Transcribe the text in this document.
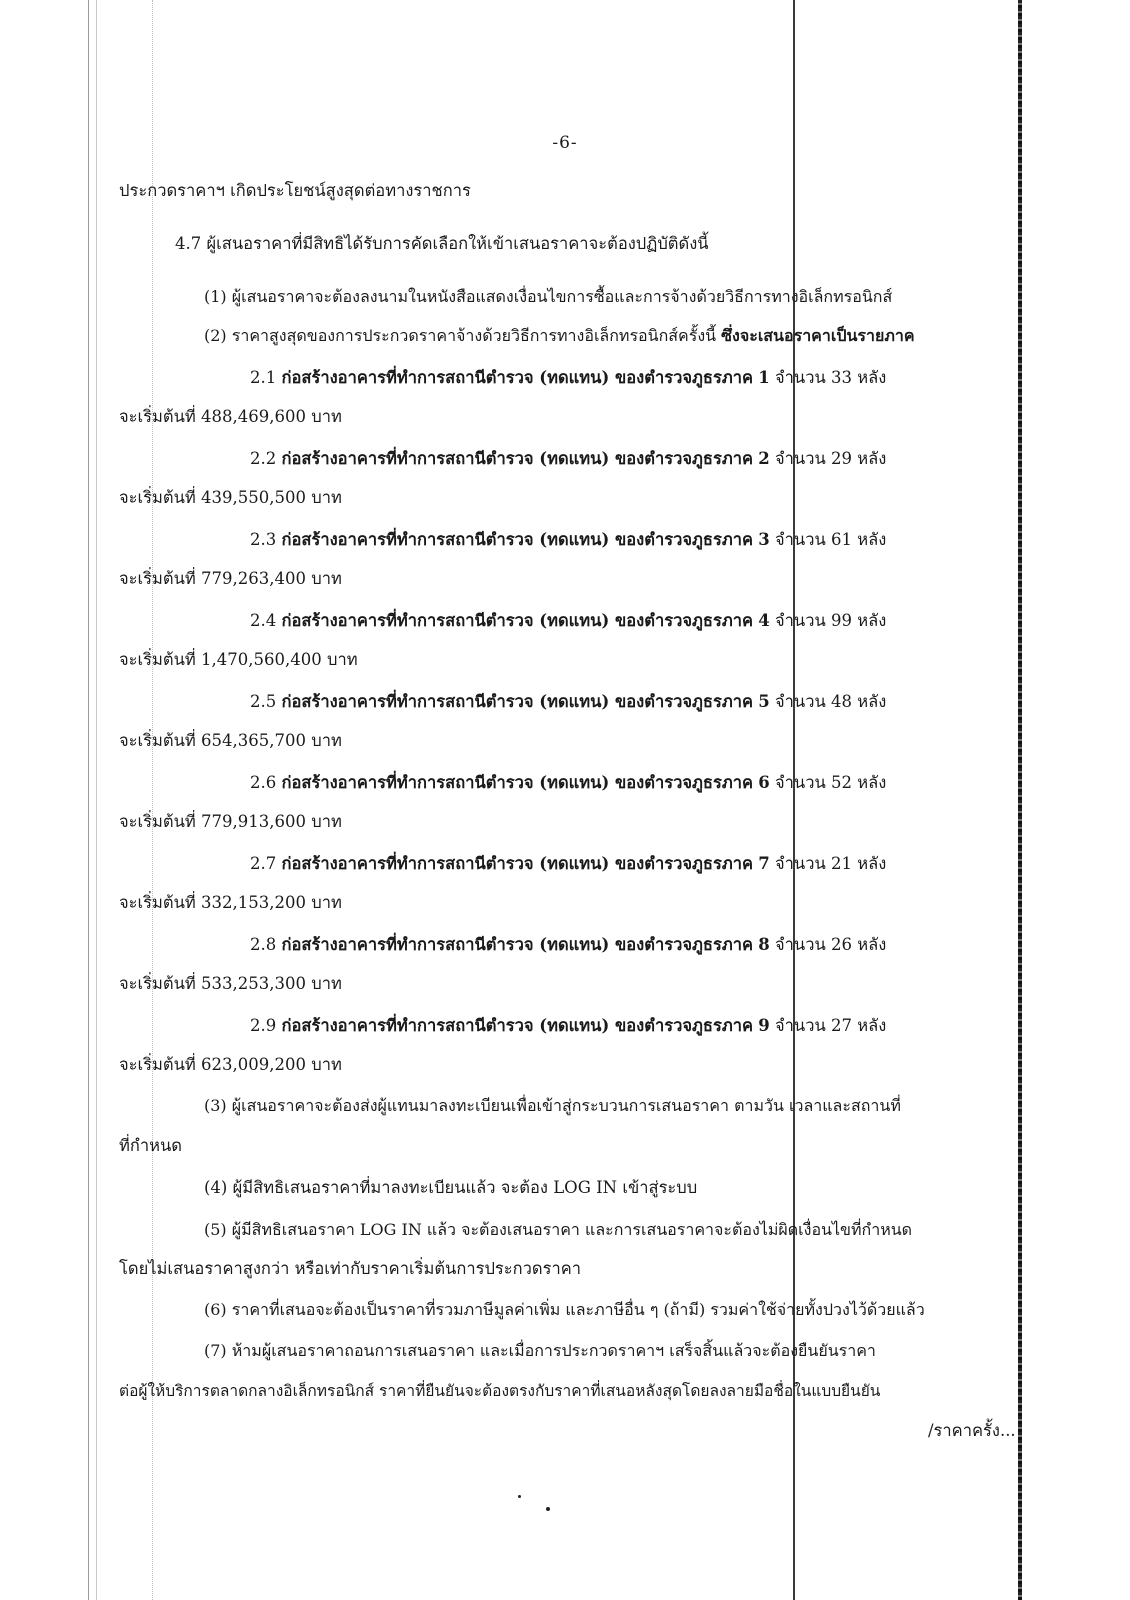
-6-
ประกวดราคาฯ เกิดประโยชน์สูงสุดต่อทางราชการ
4.7 ผู้เสนอราคาที่มีสิทธิได้รับการคัดเลือกให้เข้าเสนอราคาจะต้องปฏิบัติดังนี้
(1) ผู้เสนอราคาจะต้องลงนามในหนังสือแสดงเงื่อนไขการซื้อและการจ้างด้วยวิธีการทางอิเล็กทรอนิกส์
(2) ราคาสูงสุดของการประกวดราคาจ้างด้วยวิธีการทางอิเล็กทรอนิกส์ครั้งนี้ ซึ่งจะเสนอราคาเป็นรายภาค
2.1 ก่อสร้างอาคารที่ทำการสถานีตำรวจ (ทดแทน) ของตำรวจภูธรภาค 1 จำนวน 33 หลัง
จะเริ่มต้นที่ 488,469,600 บาท
2.2 ก่อสร้างอาคารที่ทำการสถานีตำรวจ (ทดแทน) ของตำรวจภูธรภาค 2 จำนวน 29 หลัง
จะเริ่มต้นที่ 439,550,500 บาท
2.3 ก่อสร้างอาคารที่ทำการสถานีตำรวจ (ทดแทน) ของตำรวจภูธรภาค 3 จำนวน 61 หลัง
จะเริ่มต้นที่ 779,263,400 บาท
2.4 ก่อสร้างอาคารที่ทำการสถานีตำรวจ (ทดแทน) ของตำรวจภูธรภาค 4 จำนวน 99 หลัง
จะเริ่มต้นที่ 1,470,560,400 บาท
2.5 ก่อสร้างอาคารที่ทำการสถานีตำรวจ (ทดแทน) ของตำรวจภูธรภาค 5 จำนวน 48 หลัง
จะเริ่มต้นที่ 654,365,700 บาท
2.6 ก่อสร้างอาคารที่ทำการสถานีตำรวจ (ทดแทน) ของตำรวจภูธรภาค 6 จำนวน 52 หลัง
จะเริ่มต้นที่ 779,913,600 บาท
2.7 ก่อสร้างอาคารที่ทำการสถานีตำรวจ (ทดแทน) ของตำรวจภูธรภาค 7 จำนวน 21 หลัง
จะเริ่มต้นที่ 332,153,200 บาท
2.8 ก่อสร้างอาคารที่ทำการสถานีตำรวจ (ทดแทน) ของตำรวจภูธรภาค 8 จำนวน 26 หลัง
จะเริ่มต้นที่ 533,253,300 บาท
2.9 ก่อสร้างอาคารที่ทำการสถานีตำรวจ (ทดแทน) ของตำรวจภูธรภาค 9 จำนวน 27 หลัง
จะเริ่มต้นที่ 623,009,200 บาท
(3) ผู้เสนอราคาจะต้องส่งผู้แทนมาลงทะเบียนเพื่อเข้าสู่กระบวนการเสนอราคา ตามวัน เวลาและสถานที่
ที่กำหนด
(4) ผู้มีสิทธิเสนอราคาที่มาลงทะเบียนแล้ว จะต้อง LOG IN เข้าสู่ระบบ
(5) ผู้มีสิทธิเสนอราคา LOG IN แล้ว จะต้องเสนอราคา และการเสนอราคาจะต้องไม่ผิดเงื่อนไขที่กำหนด
โดยไม่เสนอราคาสูงกว่า หรือเท่ากับราคาเริ่มต้นการประกวดราคา
(6) ราคาที่เสนอจะต้องเป็นราคาที่รวมภาษีมูลค่าเพิ่ม และภาษีอื่น ๆ (ถ้ามี) รวมค่าใช้จ่ายทั้งปวงไว้ด้วยแล้ว
(7) ห้ามผู้เสนอราคาถอนการเสนอราคา และเมื่อการประกวดราคาฯ เสร็จสิ้นแล้วจะต้องยืนยันราคา
ต่อผู้ให้บริการตลาดกลางอิเล็กทรอนิกส์ ราคาที่ยืนยันจะต้องตรงกับราคาที่เสนอหลังสุดโดยลงลายมือชื่อในแบบยืนยัน
/ราคาครั้ง...
